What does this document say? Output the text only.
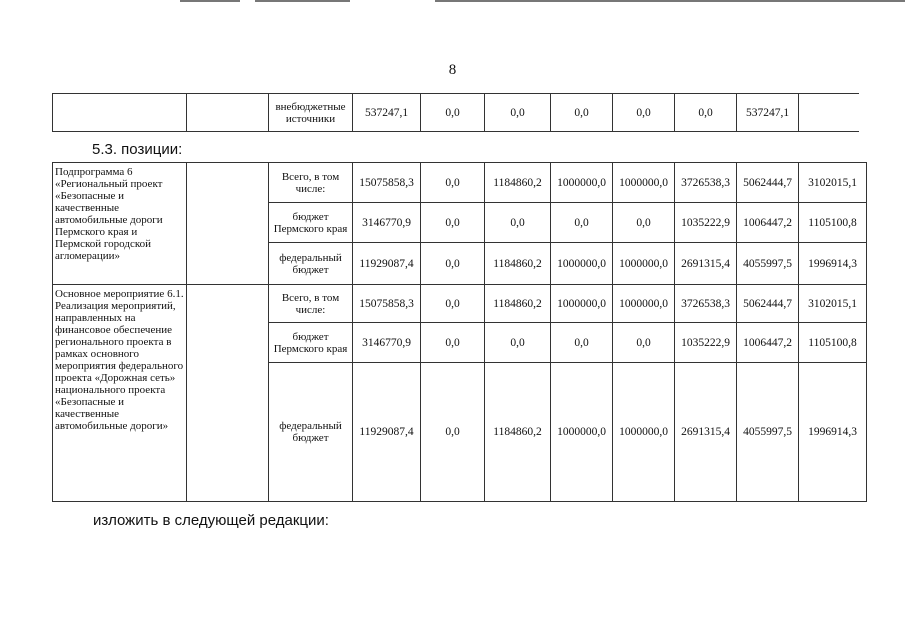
8
		внебюджетные источники	537247,1	0,0	0,0	0,0	0,0	0,0	537247,1	
5.3. позиции:
Подпрограмма 6 «Региональный проект «Безопасные и качественные автомобильные дороги Пермского края и Пермской городской агломерации»		Всего, в том числе:	15075858,3	0,0	1184860,2	1000000,0	1000000,0	3726538,3	5062444,7	3102015,1
		бюджет Пермского края	3146770,9	0,0	0,0	0,0	0,0	1035222,9	1006447,2	1105100,8
		федеральный бюджет	11929087,4	0,0	1184860,2	1000000,0	1000000,0	2691315,4	4055997,5	1996914,3
Основное мероприятие 6.1. Реализация мероприятий, направленных на финансовое обеспечение регионального проекта в рамках основного мероприятия федерального проекта «Дорожная сеть» национального проекта «Безопасные и качественные автомобильные дороги»		Всего, в том числе:	15075858,3	0,0	1184860,2	1000000,0	1000000,0	3726538,3	5062444,7	3102015,1
		бюджет Пермского края	3146770,9	0,0	0,0	0,0	0,0	1035222,9	1006447,2	1105100,8
		федеральный бюджет	11929087,4	0,0	1184860,2	1000000,0	1000000,0	2691315,4	4055997,5	1996914,3
изложить в следующей редакции:
